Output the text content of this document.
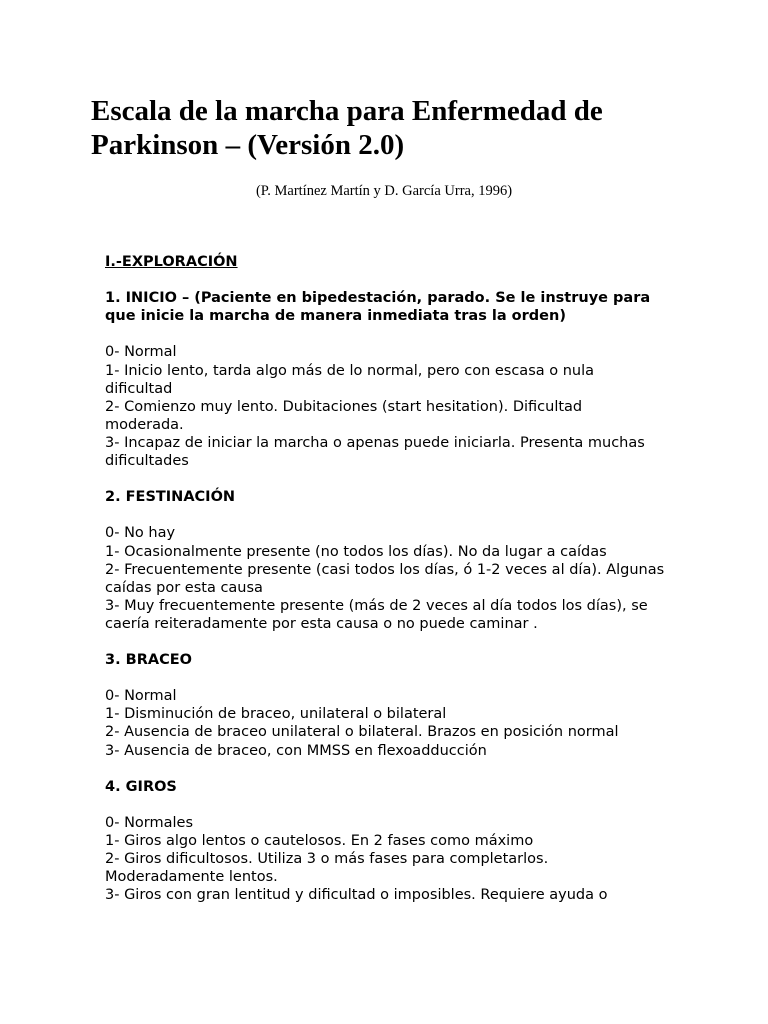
Escala de la marcha para Enfermedad de Parkinson – (Versión 2.0)
(P. Martínez Martín y D. García Urra, 1996)
I.-EXPLORACIÓN
1. INICIO – (Paciente en bipedestación, parado. Se le instruye para que inicie la marcha de manera inmediata tras la orden)
0- Normal
1- Inicio lento, tarda algo más de lo normal, pero con escasa o nula dificultad
2- Comienzo muy lento. Dubitaciones (start hesitation). Dificultad moderada.
3- Incapaz de iniciar la marcha o apenas puede iniciarla. Presenta muchas dificultades
2. FESTINACIÓN
0- No hay
1- Ocasionalmente presente (no todos los días). No da lugar a caídas
2- Frecuentemente presente (casi todos los días, ó 1-2 veces al día). Algunas caídas por esta causa
3- Muy frecuentemente presente (más de 2 veces al día todos los días), se caería reiteradamente por esta causa o no puede caminar .
3. BRACEO
0- Normal
1- Disminución de braceo, unilateral o bilateral
2- Ausencia de braceo unilateral o bilateral. Brazos en posición normal
3- Ausencia de braceo, con MMSS en flexoadducción
4. GIROS
0- Normales
1- Giros algo lentos o cautelosos. En 2 fases como máximo
2- Giros dificultosos. Utiliza 3 o más fases para completarlos. Moderadamente lentos.
3- Giros con gran lentitud y dificultad o imposibles. Requiere ayuda o
